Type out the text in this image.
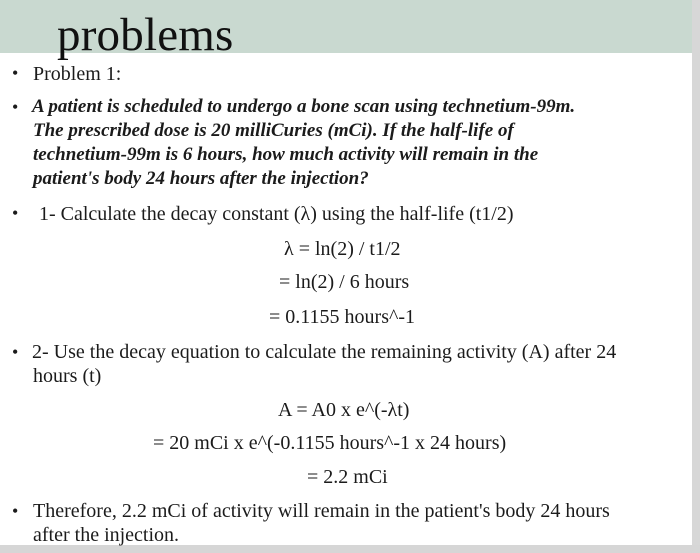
problems
• Problem 1:
• A patient is scheduled to undergo a bone scan using technetium-99m.
The prescribed dose is 20 milliCuries (mCi). If the half-life of
technetium-99m is 6 hours, how much activity will remain in the
patient's body 24 hours after the injection?
• 1- Calculate the decay constant (λ) using the half-life (t1/2)
λ = ln(2) / t1/2
= ln(2) / 6 hours
= 0.1155 hours^-1
• 2- Use the decay equation to calculate the remaining activity (A) after 24
hours (t)
A = A0 x e^(-λt)
= 20 mCi x e^(-0.1155 hours^-1 x 24 hours)
= 2.2 mCi
• Therefore, 2.2 mCi of activity will remain in the patient's body 24 hours
after the injection.
